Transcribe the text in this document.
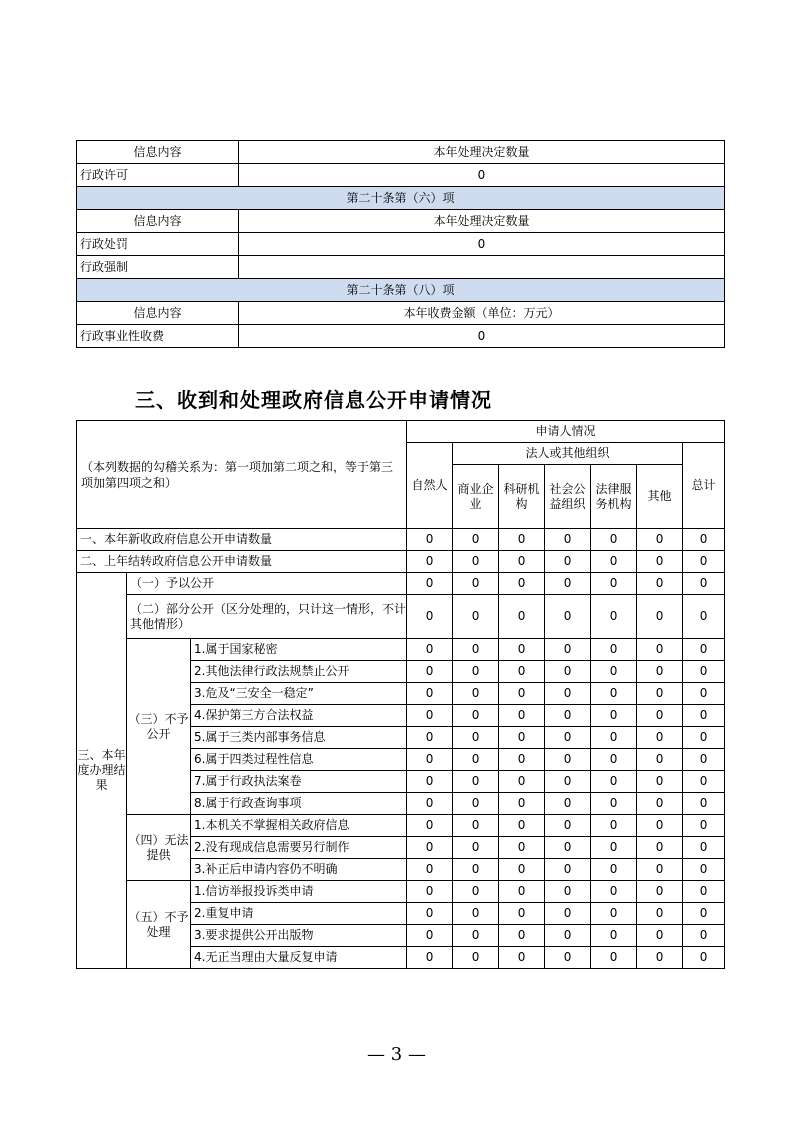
信息内容	本年处理决定数量
行政许可	0
第二十条第（六）项	
信息内容	本年处理决定数量
行政处罚	0
行政强制	
第二十条第（八）项	
信息内容	本年收费金额（单位：万元）
行政事业性收费	0
三、收到和处理政府信息公开申请情况
（本列数据的勾稽关系为：第一项加第二项之和，等于第三项加第四项之和）			申请人情况						
			自然人	法人或其他组织					总计
				商业企业	科研机构	社会公益组织	法律服务机构	其他	
一、本年新收政府信息公开申请数量			0	0	0	0	0	0	0
二、上年结转政府信息公开申请数量			0	0	0	0	0	0	0
三、本年度办理结果	（一）予以公开		0	0	0	0	0	0	0
	（二）部分公开（区分处理的，只计这一情形，不计其他情形）		0	0	0	0	0	0	0
	（三）不予公开	1.属于国家秘密	0	0	0	0	0	0	0
		2.其他法律行政法规禁止公开	0	0	0	0	0	0	0
		3.危及“三安全一稳定”	0	0	0	0	0	0	0
		4.保护第三方合法权益	0	0	0	0	0	0	0
		5.属于三类内部事务信息	0	0	0	0	0	0	0
		6.属于四类过程性信息	0	0	0	0	0	0	0
		7.属于行政执法案卷	0	0	0	0	0	0	0
		8.属于行政查询事项	0	0	0	0	0	0	0
	（四）无法提供	1.本机关不掌握相关政府信息	0	0	0	0	0	0	0
		2.没有现成信息需要另行制作	0	0	0	0	0	0	0
		3.补正后申请内容仍不明确	0	0	0	0	0	0	0
	（五）不予处理	1.信访举报投诉类申请	0	0	0	0	0	0	0
		2.重复申请	0	0	0	0	0	0	0
		3.要求提供公开出版物	0	0	0	0	0	0	0
		4.无正当理由大量反复申请	0	0	0	0	0	0	0
— 3 —
